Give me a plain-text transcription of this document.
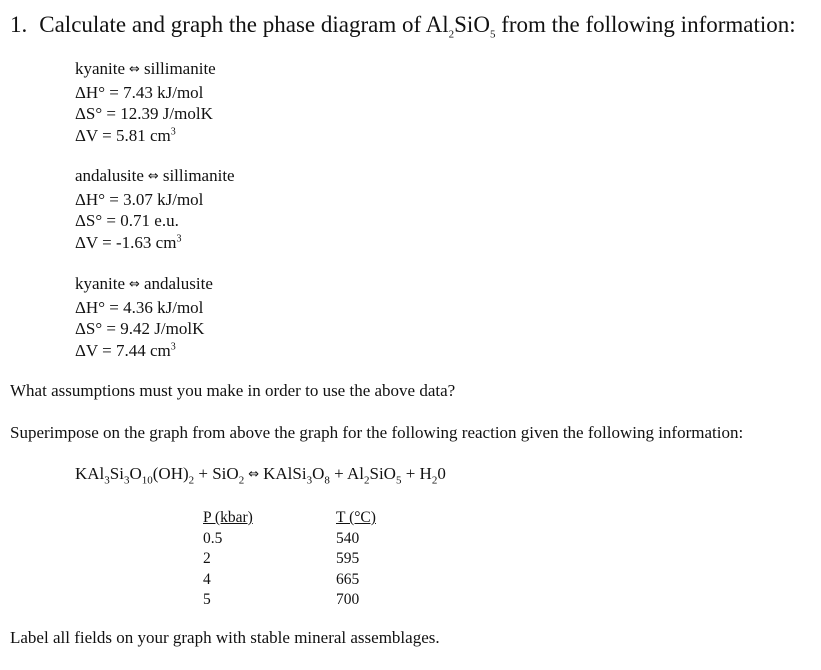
1. Calculate and graph the phase diagram of $Al_2SiO_5$ from the following information:
kyanite ⇔ sillimanite
ΔH° = 7.43 kJ/mol
ΔS° = 12.39 J/molK
ΔV = 5.81 $cm^3$
andalusite ⇔ sillimanite
ΔH° = 3.07 kJ/mol
ΔS° = 0.71 e.u.
ΔV = -1.63 $cm^3$
kyanite ⇔ andalusite
ΔH° = 4.36 kJ/mol
ΔS° = 9.42 J/molK
ΔV = 7.44 $cm^3$
What assumptions must you make in order to use the above data?
Superimpose on the graph from above the graph for the following reaction given the following information:
$KAl_3Si_3O_{10}(OH)_2 + SiO_2$ ⇔ $KAlSi_3O_8 + Al_2SiO_5 + H_20$
P (kbar)
0.5
2
4
5
T (°C)
540
595
665
700
Label all fields on your graph with stable mineral assemblages.
